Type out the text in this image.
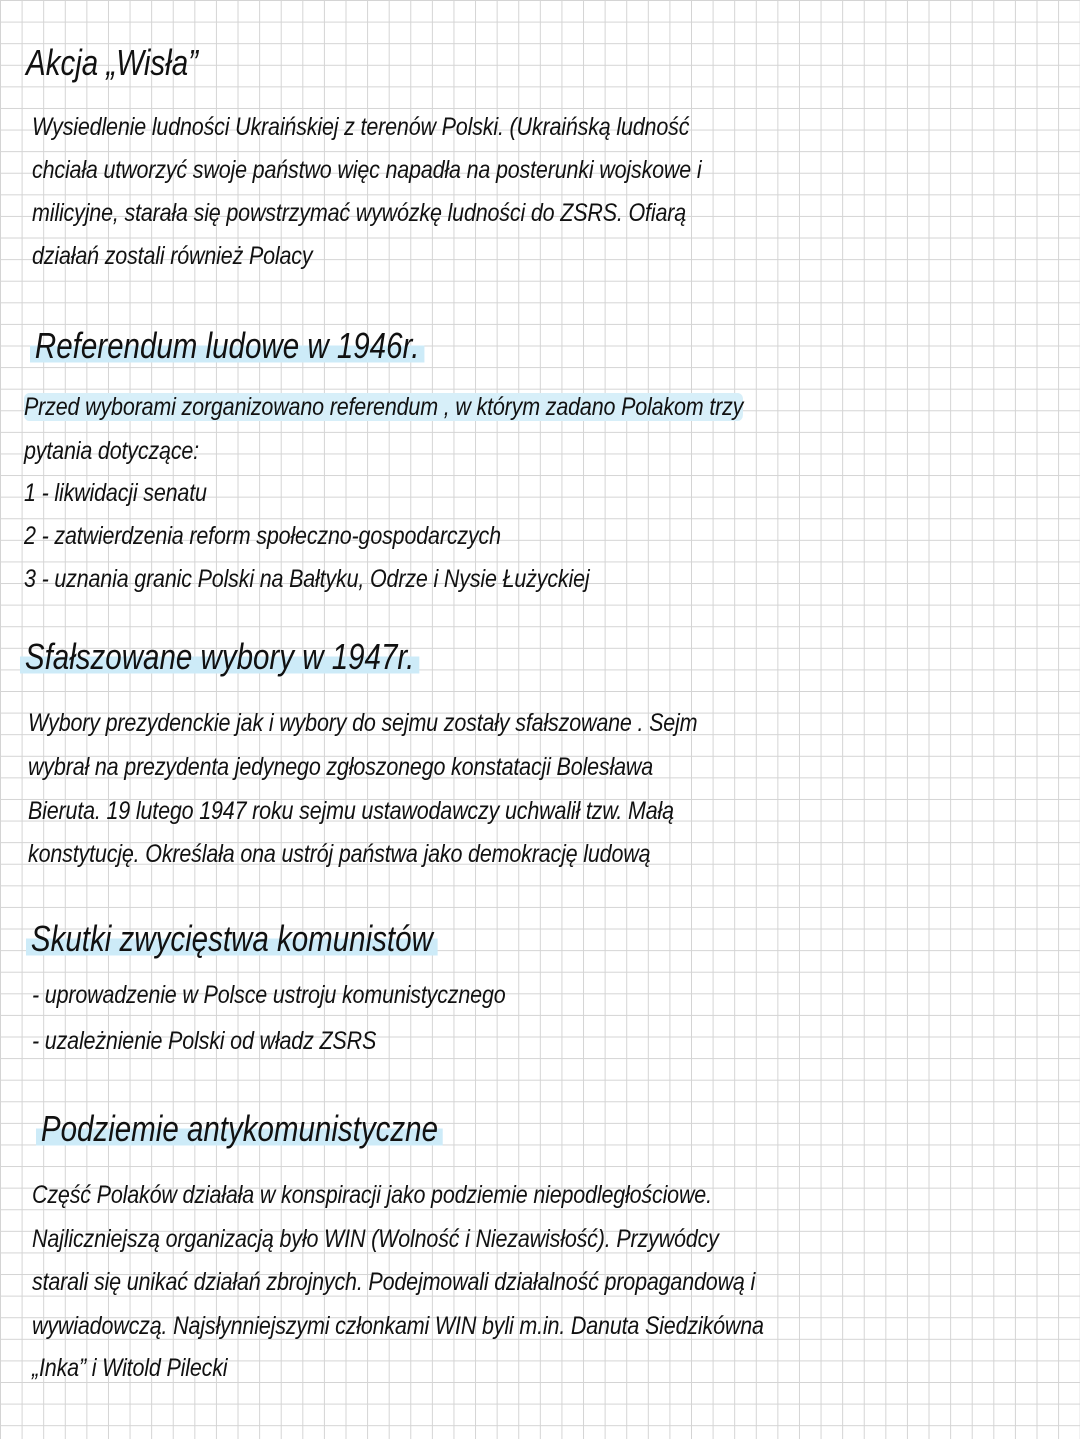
Akcja „Wisła”
Wysiedlenie ludności Ukraińskiej z terenów Polski. (Ukraińską ludność
chciała utworzyć swoje państwo więc napadła na posterunki wojskowe i
milicyjne, starała się powstrzymać wywózkę ludności do ZSRS. Ofiarą
działań zostali również Polacy
Referendum ludowe w 1946r.
Przed wyborami zorganizowano referendum , w którym zadano Polakom trzy
pytania dotyczące:
1 - likwidacji senatu
2 - zatwierdzenia reform społeczno-gospodarczych
3 - uznania granic Polski na Bałtyku, Odrze i Nysie Łużyckiej
Sfałszowane wybory w 1947r.
Wybory prezydenckie jak i wybory do sejmu zostały sfałszowane . Sejm
wybrał na prezydenta jedynego zgłoszonego konstatacji Bolesława
Bieruta. 19 lutego 1947 roku sejmu ustawodawczy uchwalił tzw. Małą
konstytucję. Określała ona ustrój państwa jako demokrację ludową
Skutki zwycięstwa komunistów
- uprowadzenie w Polsce ustroju komunistycznego
- uzależnienie Polski od władz ZSRS
Podziemie antykomunistyczne
Część Polaków działała w konspiracji jako podziemie niepodległościowe.
Najliczniejszą organizacją było WIN (Wolność i Niezawisłość). Przywódcy
starali się unikać działań zbrojnych. Podejmowali działalność propagandową i
wywiadowczą. Najsłynniejszymi członkami WIN byli m.in. Danuta Siedzikówna
„Inka” i Witold Pilecki
